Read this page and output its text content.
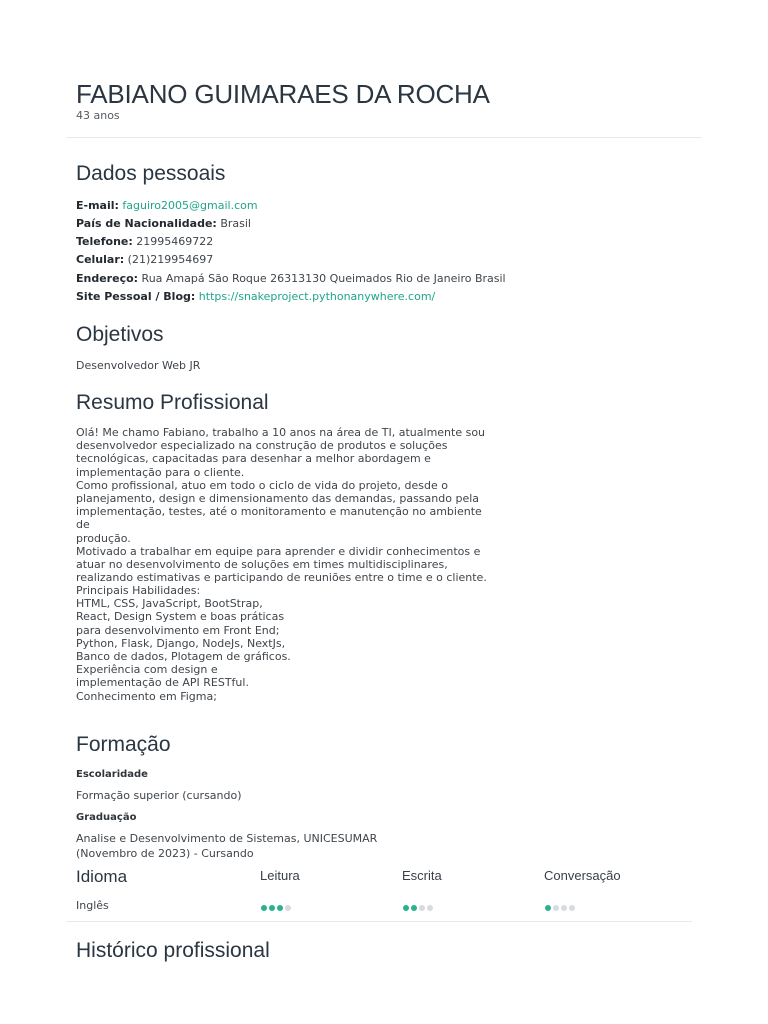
FABIANO GUIMARAES DA ROCHA
43 anos
Dados pessoais
E-mail: faguiro2005@gmail.com
País de Nacionalidade: Brasil
Telefone: 21995469722
Celular: (21)219954697
Endereço: Rua Amapá São Roque 26313130 Queimados Rio de Janeiro Brasil
Site Pessoal / Blog: https://snakeproject.pythonanywhere.com/
Objetivos
Desenvolvedor Web JR
Resumo Profissional
Olá! Me chamo Fabiano, trabalho a 10 anos na área de TI, atualmente sou
desenvolvedor especializado na construção de produtos e soluções
tecnológicas, capacitadas para desenhar a melhor abordagem e
implementação para o cliente.
Como profissional, atuo em todo o ciclo de vida do projeto, desde o
planejamento, design e dimensionamento das demandas, passando pela
implementação, testes, até o monitoramento e manutenção no ambiente de
produção.
Motivado a trabalhar em equipe para aprender e dividir conhecimentos e
atuar no desenvolvimento de soluções em times multidisciplinares,
realizando estimativas e participando de reuniões entre o time e o cliente.
Principais Habilidades:
HTML, CSS, JavaScript, BootStrap,
React, Design System e boas práticas
para desenvolvimento em Front End;
Python, Flask, Django, NodeJs, NextJs,
Banco de dados, Plotagem de gráficos.
Experiência com design e
implementação de API RESTful.
Conhecimento em Figma;
Formação
Escolaridade
Formação superior (cursando)
Graduação
Analise e Desenvolvimento de Sistemas, UNICESUMAR
(Novembro de 2023) - Cursando
Idioma	Leitura	Escrita	Conversação
Inglês
Histórico profissional
